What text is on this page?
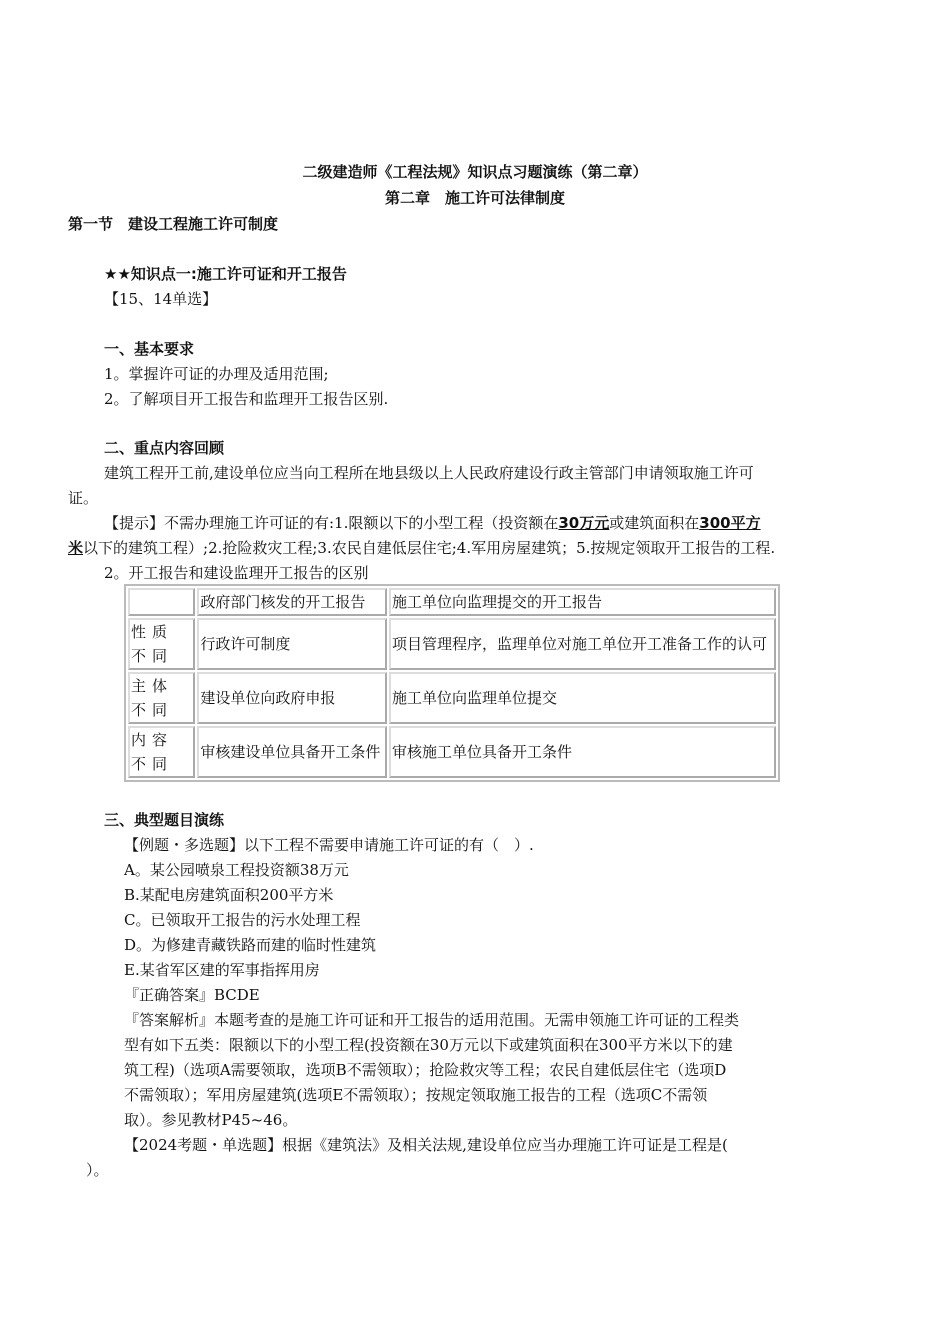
二级建造师《工程法规》知识点习题演练（第二章）
第二章　施工许可法律制度
第一节　建设工程施工许可制度
★★知识点一:施工许可证和开工报告
【15、14单选】
一、基本要求
1。掌握许可证的办理及适用范围;
2。了解项目开工报告和监理开工报告区别.
二、重点内容回顾
建筑工程开工前,建设单位应当向工程所在地县级以上人民政府建设行政主管部门申请领取施工许可
证。
【提示】不需办理施工许可证的有:1.限额以下的小型工程（投资额在30万元或建筑面积在300平方
米以下的建筑工程）;2.抢险救灾工程;3.农民自建低层住宅;4.军用房屋建筑；5.按规定领取开工报告的工程.
2。开工报告和建设监理开工报告的区别
	政府部门核发的开工报告	施工单位向监理提交的开工报告
性质不同	行政许可制度	项目管理程序，监理单位对施工单位开工准备工作的认可
主体不同	建设单位向政府申报	施工单位向监理单位提交
内容不同	审核建设单位具备开工条件	审核施工单位具备开工条件
三、典型题目演练
【例题・多选题】以下工程不需要申请施工许可证的有（　）.
A。某公园喷泉工程投资额38万元
B.某配电房建筑面积200平方米
C。已领取开工报告的污水处理工程
D。为修建青藏铁路而建的临时性建筑
E.某省军区建的军事指挥用房
『正确答案』BCDE
『答案解析』本题考查的是施工许可证和开工报告的适用范围。无需申领施工许可证的工程类
型有如下五类：限额以下的小型工程(投资额在30万元以下或建筑面积在300平方米以下的建
筑工程)（选项A需要领取，选项B不需领取）；抢险救灾等工程；农民自建低层住宅（选项D
不需领取）；军用房屋建筑(选项E不需领取）；按规定领取施工报告的工程（选项C不需领
取）。参见教材P45~46。
【2024考题・单选题】根据《建筑法》及相关法规,建设单位应当办理施工许可证是工程是(
）。
